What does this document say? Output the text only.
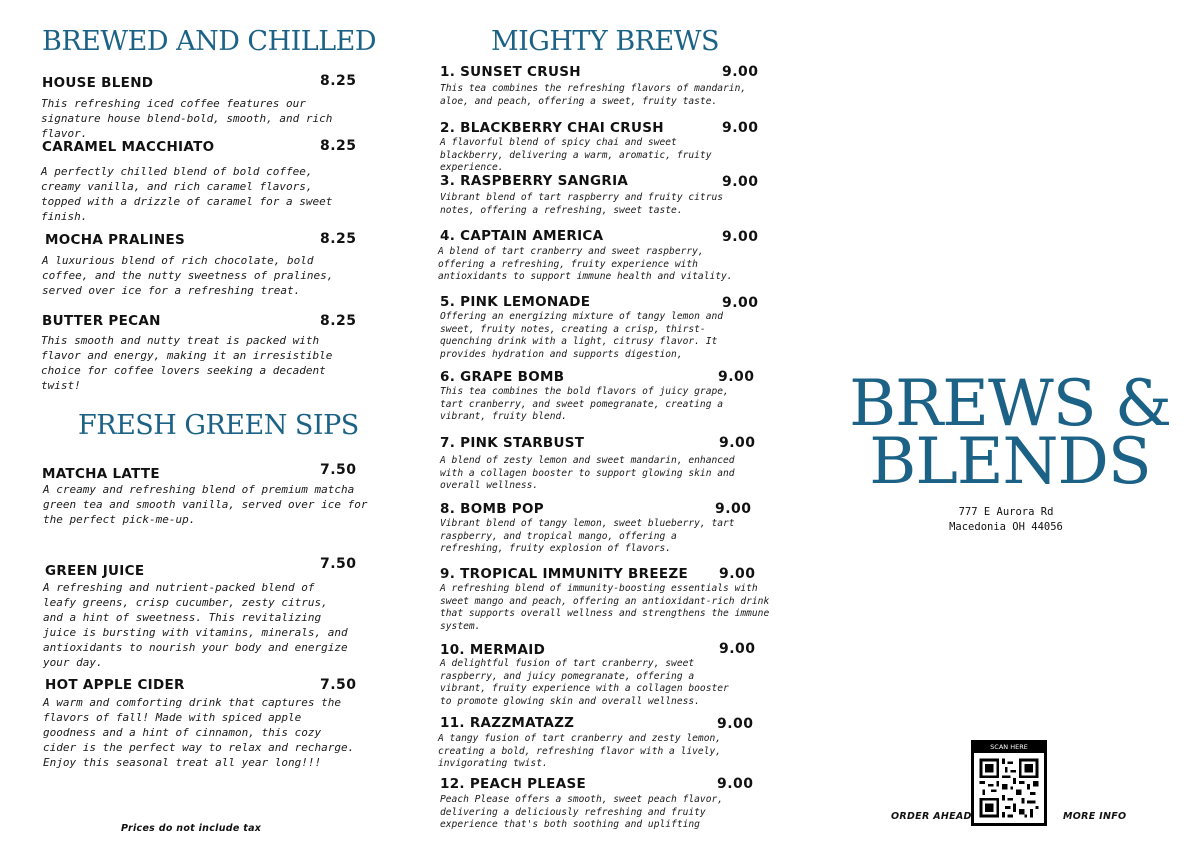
BREWED AND CHILLED
HOUSE BLEND	8.25
This refreshing iced coffee features our signature house blend-bold, smooth, and rich flavor.
CARAMEL MACCHIATO	8.25
A perfectly chilled blend of bold coffee, creamy vanilla, and rich caramel flavors, topped with a drizzle of caramel for a sweet finish.
MOCHA PRALINES	8.25
A luxurious blend of rich chocolate, bold coffee, and the nutty sweetness of pralines, served over ice for a refreshing treat.
BUTTER PECAN	8.25
This smooth and nutty treat is packed with flavor and energy, making it an irresistible choice for coffee lovers seeking a decadent twist!
FRESH GREEN SIPS
MATCHA LATTE	7.50
A creamy and refreshing blend of premium matcha green tea and smooth vanilla, served over ice for the perfect pick-me-up.
GREEN JUICE	7.50
A refreshing and nutrient-packed blend of leafy greens, crisp cucumber, zesty citrus, and a hint of sweetness. This revitalizing juice is bursting with vitamins, minerals, and antioxidants to nourish your body and energize your day.
HOT APPLE CIDER	7.50
A warm and comforting drink that captures the flavors of fall! Made with spiced apple goodness and a hint of cinnamon, this cozy cider is the perfect way to relax and recharge. Enjoy this seasonal treat all year long!!!
Prices do not include tax
MIGHTY BREWS
1. SUNSET CRUSH	9.00
This tea combines the refreshing flavors of mandarin, aloe, and peach, offering a sweet, fruity taste.
2. BLACKBERRY CHAI CRUSH	9.00
A flavorful blend of spicy chai and sweet blackberry, delivering a warm, aromatic, fruity experience.
3. RASPBERRY SANGRIA	9.00
Vibrant blend of tart raspberry and fruity citrus notes, offering a refreshing, sweet taste.
4. CAPTAIN AMERICA	9.00
A blend of tart cranberry and sweet raspberry, offering a refreshing, fruity experience with antioxidants to support immune health and vitality.
5. PINK LEMONADE	9.00
Offering an energizing mixture of tangy lemon and sweet, fruity notes, creating a crisp, thirst-quenching drink with a light, citrusy flavor. It provides hydration and supports digestion,
6. GRAPE BOMB	9.00
This tea combines the bold flavors of juicy grape, tart cranberry, and sweet pomegranate, creating a vibrant, fruity blend.
7. PINK STARBUST	9.00
A blend of zesty lemon and sweet mandarin, enhanced with a collagen booster to support glowing skin and overall wellness.
8. BOMB POP	9.00
Vibrant blend of tangy lemon, sweet blueberry, tart raspberry, and tropical mango, offering a refreshing, fruity explosion of flavors.
9. TROPICAL IMMUNITY BREEZE 9.00
A refreshing blend of immunity-boosting essentials with sweet mango and peach, offering an antioxidant-rich drink that supports overall wellness and strengthens the immune system.
10. MERMAID	9.00
A delightful fusion of tart cranberry, sweet raspberry, and juicy pomegranate, offering a vibrant, fruity experience with a collagen booster to promote glowing skin and overall wellness.
11. RAZZMATAZZ	9.00
A tangy fusion of tart cranberry and zesty lemon, creating a bold, refreshing flavor with a lively, invigorating twist.
12. PEACH PLEASE	9.00
Peach Please offers a smooth, sweet peach flavor, delivering a deliciously refreshing and fruity experience that's both soothing and uplifting
BREWS &
BLENDS
777 E Aurora Rd
Macedonia OH 44056
SCAN HERE
ORDER AHEAD	MORE INFO
